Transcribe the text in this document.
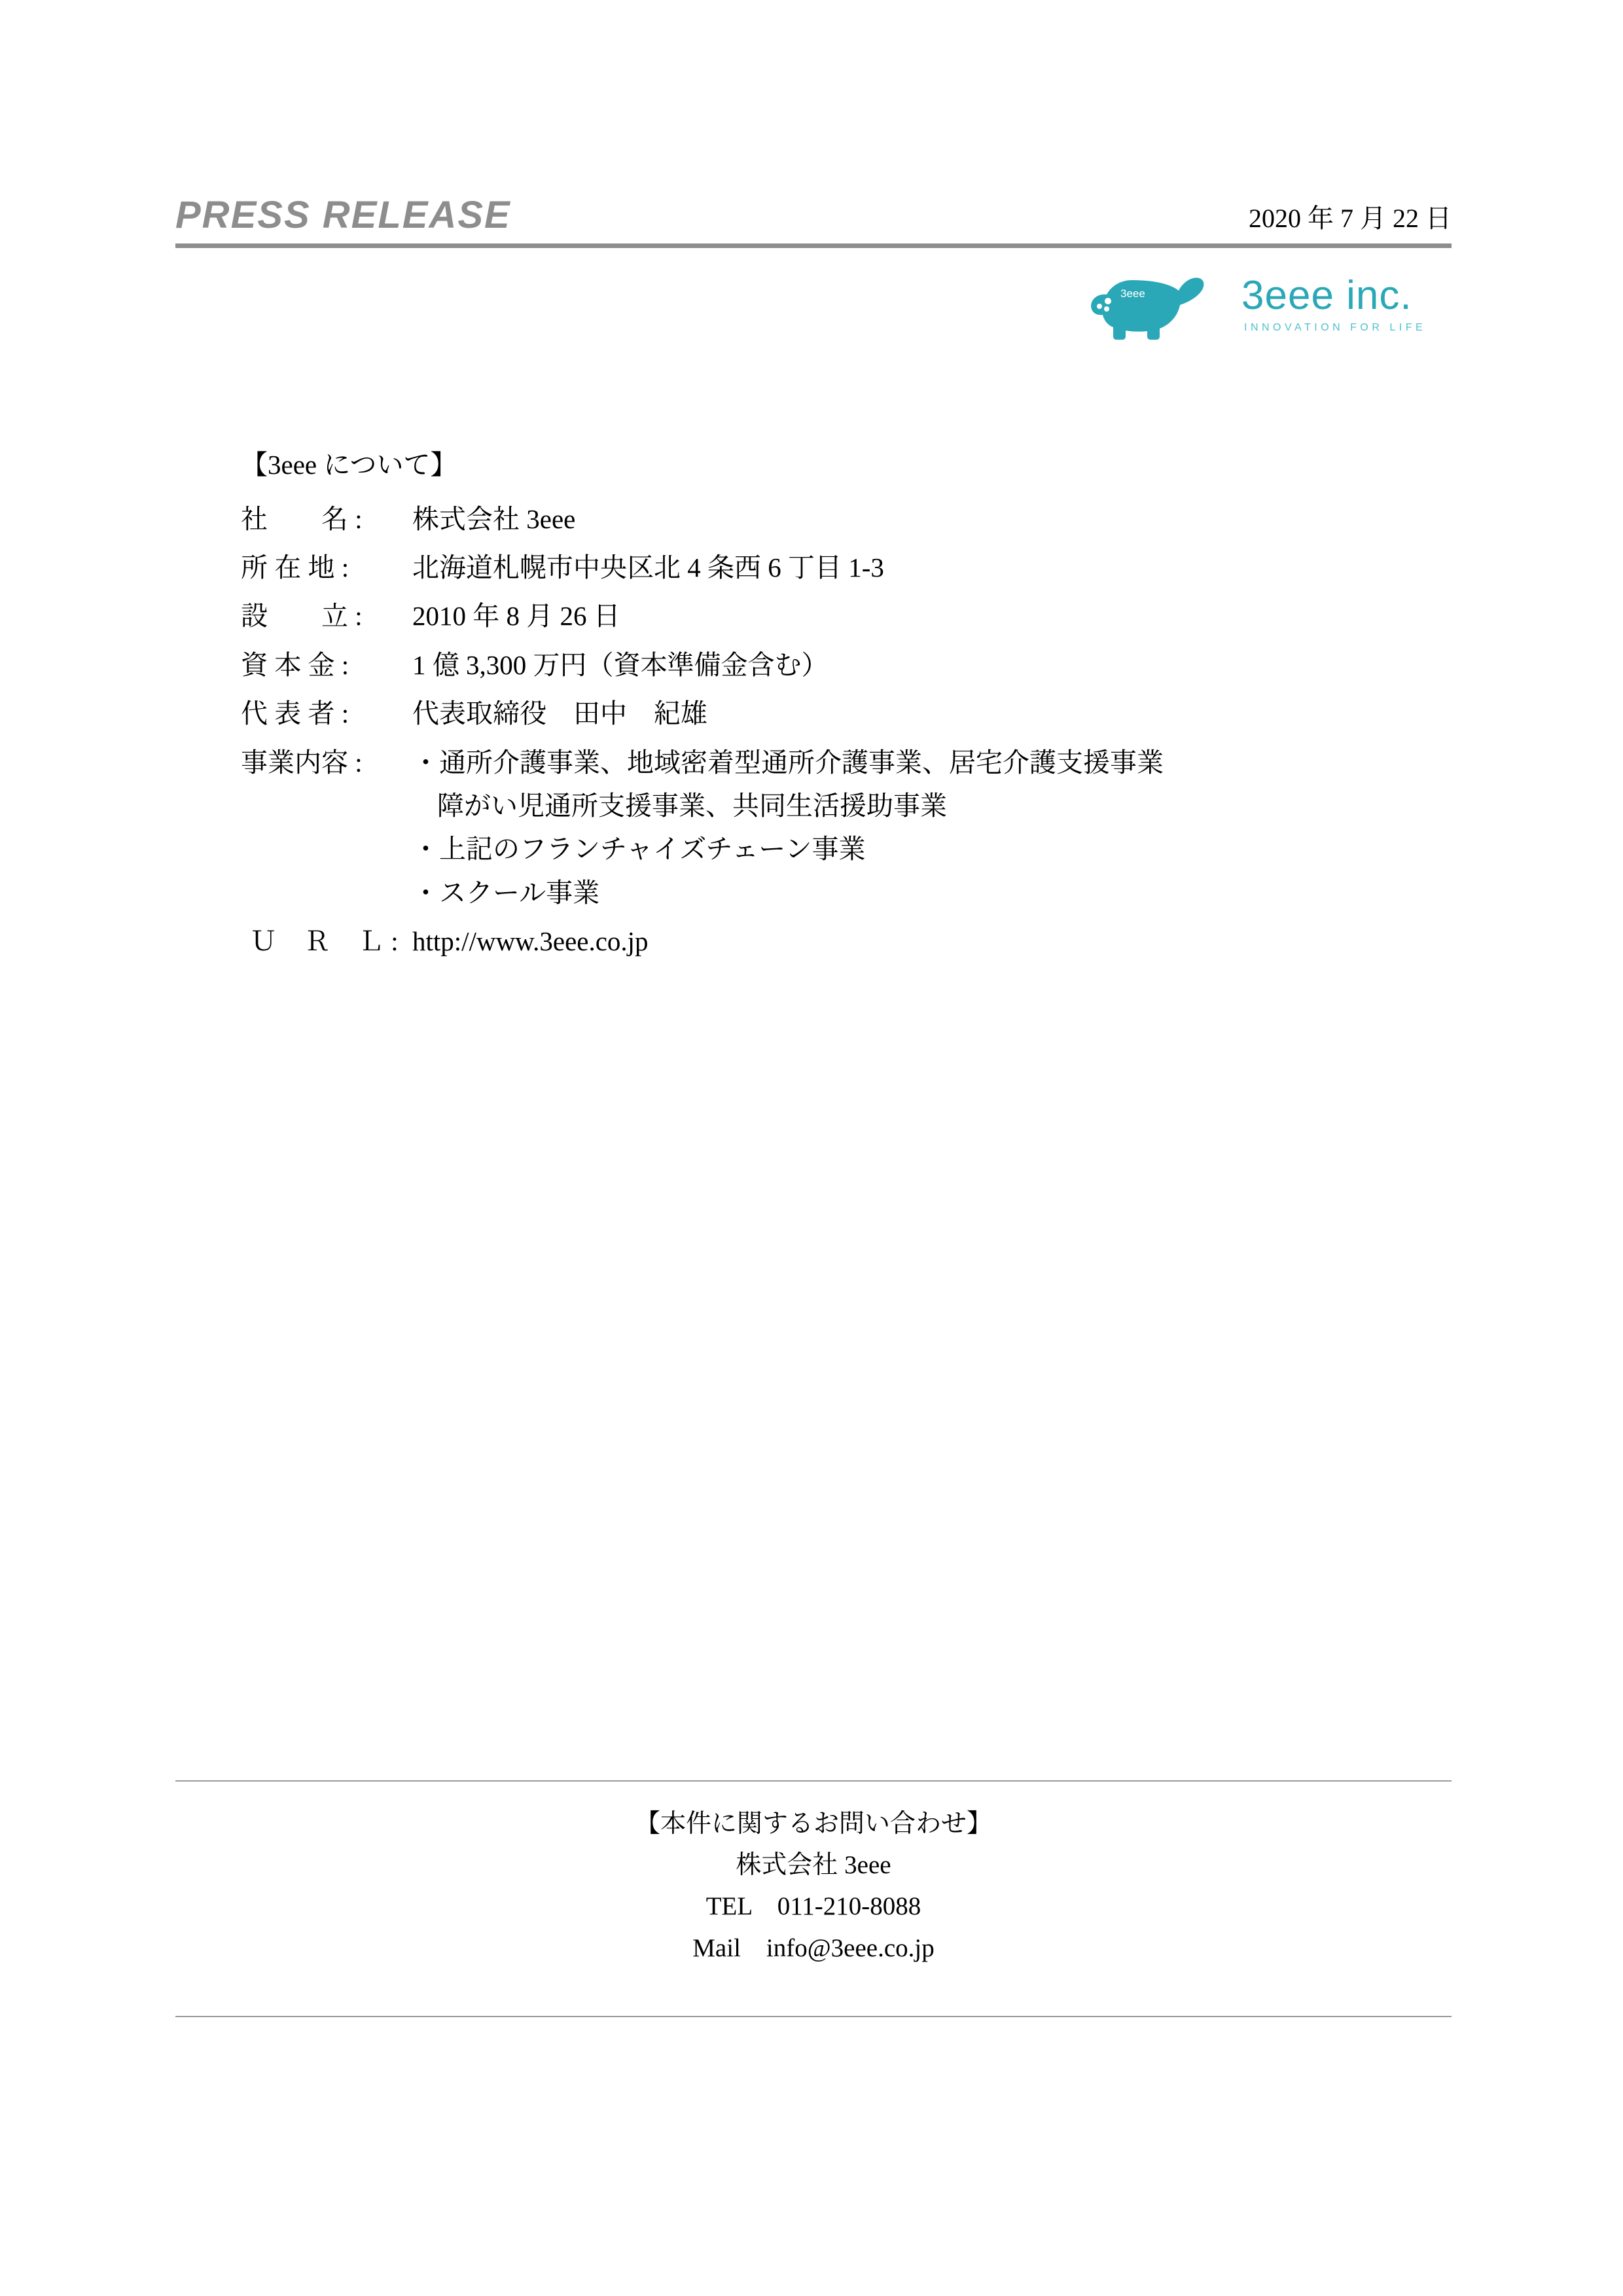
PRESS RELEASE	2020 年 7 月 22 日
3eee 3eee inc.
INNOVATION FOR LIFE
【3eee について】
社　　名 :	株式会社 3eee
所 在 地 :	北海道札幌市中央区北 4 条西 6 丁目 1‐3
設　　立 :	2010 年 8 月 26 日
資 本 金 :	1 億 3,300 万円（資本準備金含む）
代 表 者 :	代表取締役　田中　紀雄
事業内容 :	・通所介護事業、地域密着型通所介護事業、居宅介護支援事業
障がい児通所支援事業、共同生活援助事業
・上記のフランチャイズチェーン事業
・スクール事業
Ｕ　Ｒ　Ｌ : http://www.3eee.co.jp
【本件に関するお問い合わせ】
株式会社 3eee
TEL　011-210-8088
Mail　info@3eee.co.jp
